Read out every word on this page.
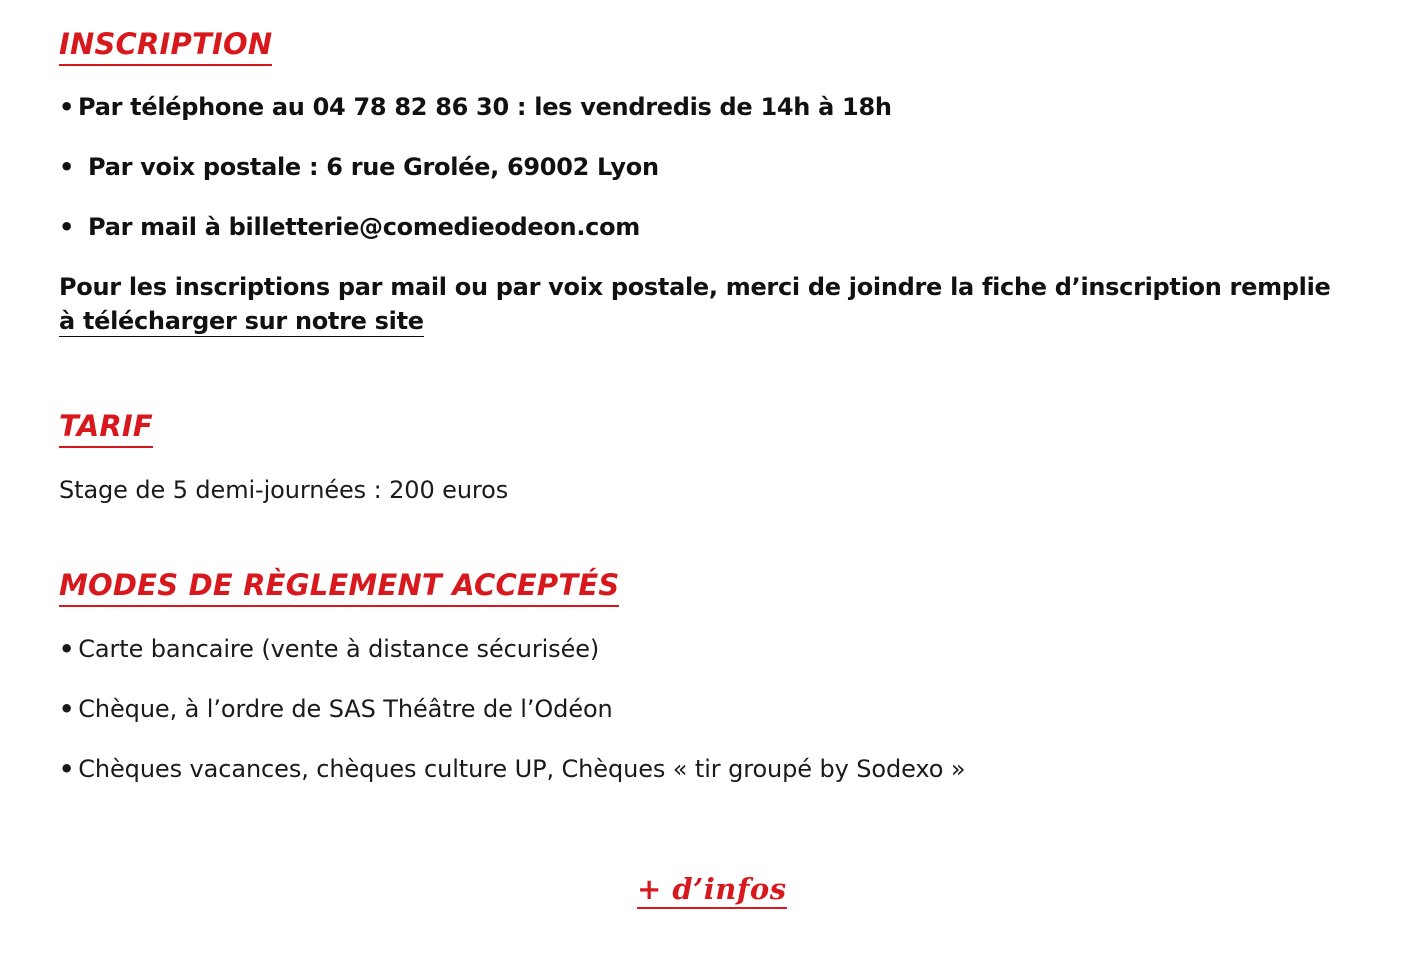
INSCRIPTION
• Par téléphone au 04 78 82 86 30 : les vendredis de 14h à 18h
• Par voix postale : 6 rue Grolée, 69002 Lyon
• Par mail à billetterie@comedieodeon.com
Pour les inscriptions par mail ou par voix postale, merci de joindre la fiche d’inscription remplie
à télécharger sur notre site
TARIF
Stage de 5 demi-journées : 200 euros
MODES DE RÈGLEMENT ACCEPTÉS
• Carte bancaire (vente à distance sécurisée)
• Chèque, à l’ordre de SAS Théâtre de l’Odéon
• Chèques vacances, chèques culture UP, Chèques « tir groupé by Sodexo »
+ d’infos
